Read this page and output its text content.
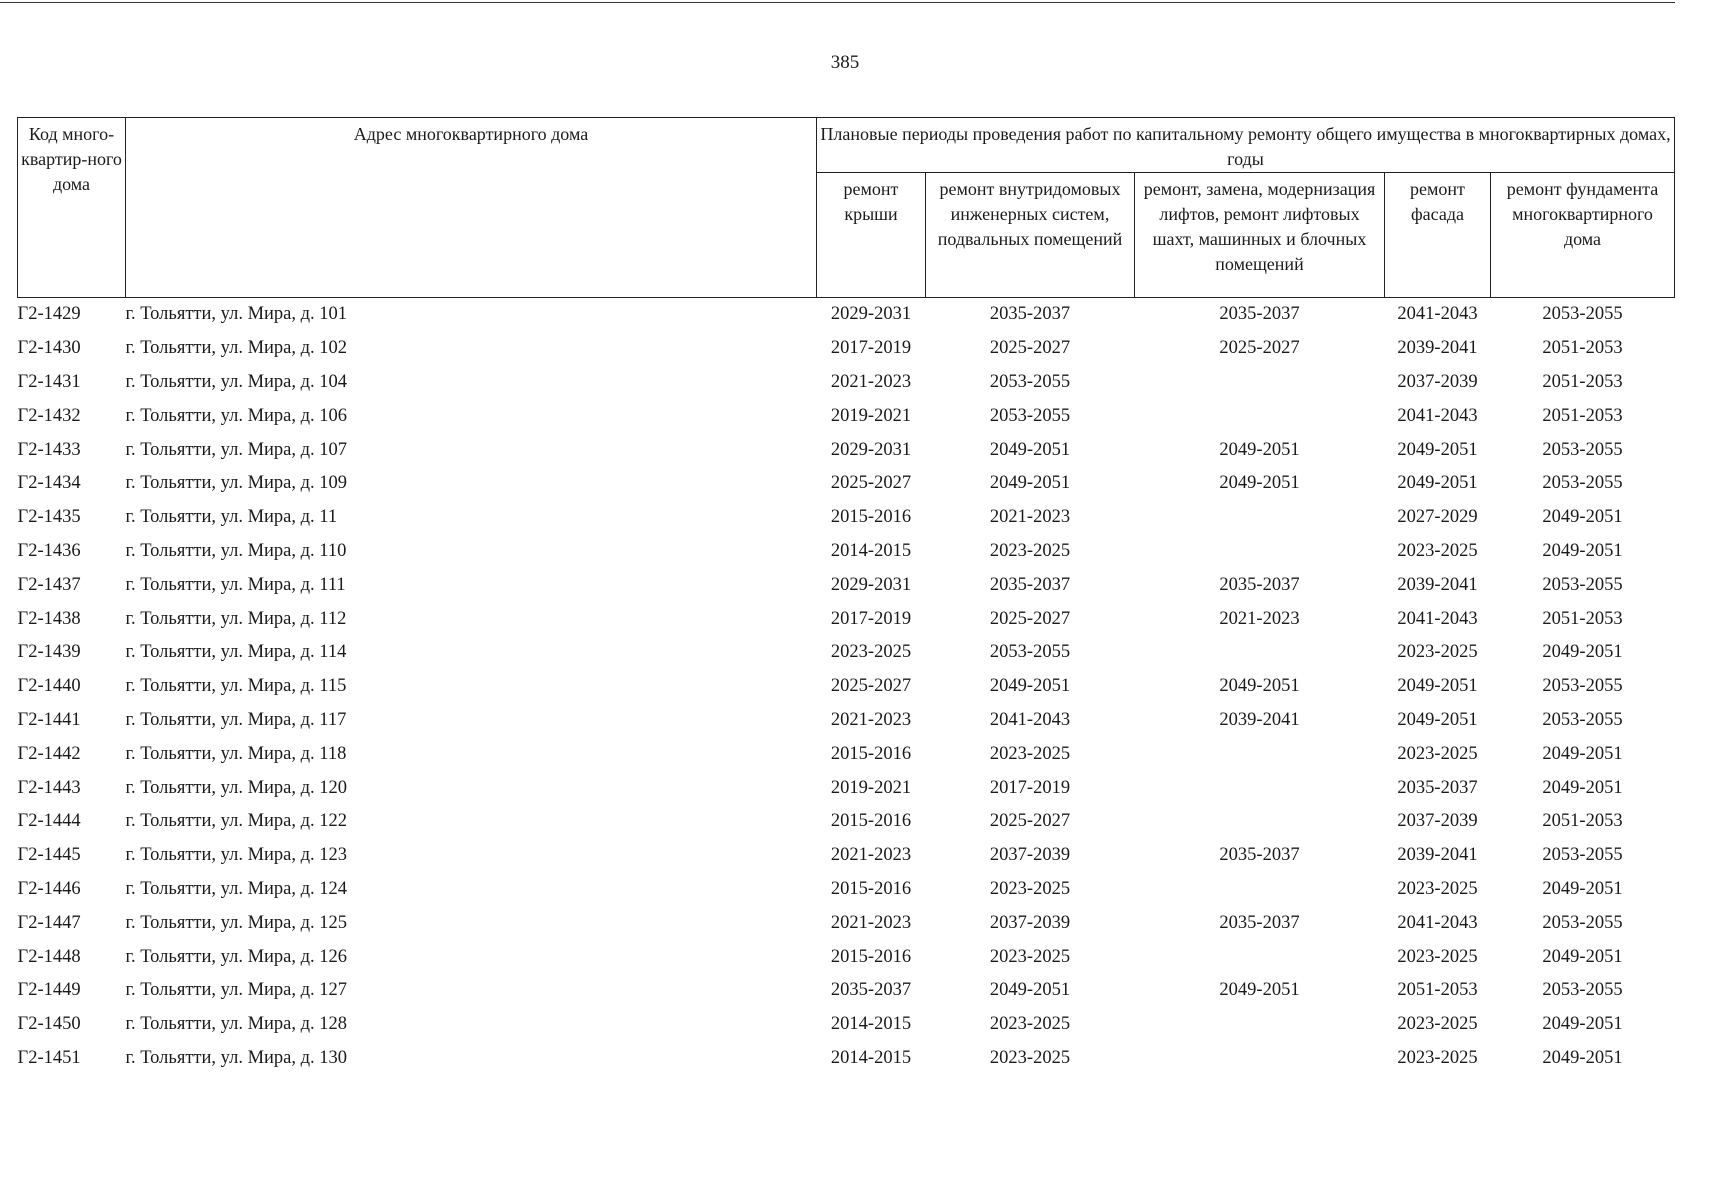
385
Код много-квартир-ного дома	Адрес многоквартирного дома	Плановые периоды проведения работ по капитальному ремонту общего имущества в многоквартирных домах, годы				
		ремонт крыши	ремонт внутридомовых инженерных систем, подвальных помещений	ремонт, замена, модернизация лифтов, ремонт лифтовых шахт, машинных и блочных помещений	ремонт фасада	ремонт фундамента многоквартирного дома
Г2-1429	г. Тольятти, ул. Мира, д. 101	2029-2031	2035-2037	2035-2037	2041-2043	2053-2055
Г2-1430	г. Тольятти, ул. Мира, д. 102	2017-2019	2025-2027	2025-2027	2039-2041	2051-2053
Г2-1431	г. Тольятти, ул. Мира, д. 104	2021-2023	2053-2055		2037-2039	2051-2053
Г2-1432	г. Тольятти, ул. Мира, д. 106	2019-2021	2053-2055		2041-2043	2051-2053
Г2-1433	г. Тольятти, ул. Мира, д. 107	2029-2031	2049-2051	2049-2051	2049-2051	2053-2055
Г2-1434	г. Тольятти, ул. Мира, д. 109	2025-2027	2049-2051	2049-2051	2049-2051	2053-2055
Г2-1435	г. Тольятти, ул. Мира, д. 11	2015-2016	2021-2023		2027-2029	2049-2051
Г2-1436	г. Тольятти, ул. Мира, д. 110	2014-2015	2023-2025		2023-2025	2049-2051
Г2-1437	г. Тольятти, ул. Мира, д. 111	2029-2031	2035-2037	2035-2037	2039-2041	2053-2055
Г2-1438	г. Тольятти, ул. Мира, д. 112	2017-2019	2025-2027	2021-2023	2041-2043	2051-2053
Г2-1439	г. Тольятти, ул. Мира, д. 114	2023-2025	2053-2055		2023-2025	2049-2051
Г2-1440	г. Тольятти, ул. Мира, д. 115	2025-2027	2049-2051	2049-2051	2049-2051	2053-2055
Г2-1441	г. Тольятти, ул. Мира, д. 117	2021-2023	2041-2043	2039-2041	2049-2051	2053-2055
Г2-1442	г. Тольятти, ул. Мира, д. 118	2015-2016	2023-2025		2023-2025	2049-2051
Г2-1443	г. Тольятти, ул. Мира, д. 120	2019-2021	2017-2019		2035-2037	2049-2051
Г2-1444	г. Тольятти, ул. Мира, д. 122	2015-2016	2025-2027		2037-2039	2051-2053
Г2-1445	г. Тольятти, ул. Мира, д. 123	2021-2023	2037-2039	2035-2037	2039-2041	2053-2055
Г2-1446	г. Тольятти, ул. Мира, д. 124	2015-2016	2023-2025		2023-2025	2049-2051
Г2-1447	г. Тольятти, ул. Мира, д. 125	2021-2023	2037-2039	2035-2037	2041-2043	2053-2055
Г2-1448	г. Тольятти, ул. Мира, д. 126	2015-2016	2023-2025		2023-2025	2049-2051
Г2-1449	г. Тольятти, ул. Мира, д. 127	2035-2037	2049-2051	2049-2051	2051-2053	2053-2055
Г2-1450	г. Тольятти, ул. Мира, д. 128	2014-2015	2023-2025		2023-2025	2049-2051
Г2-1451	г. Тольятти, ул. Мира, д. 130	2014-2015	2023-2025		2023-2025	2049-2051
